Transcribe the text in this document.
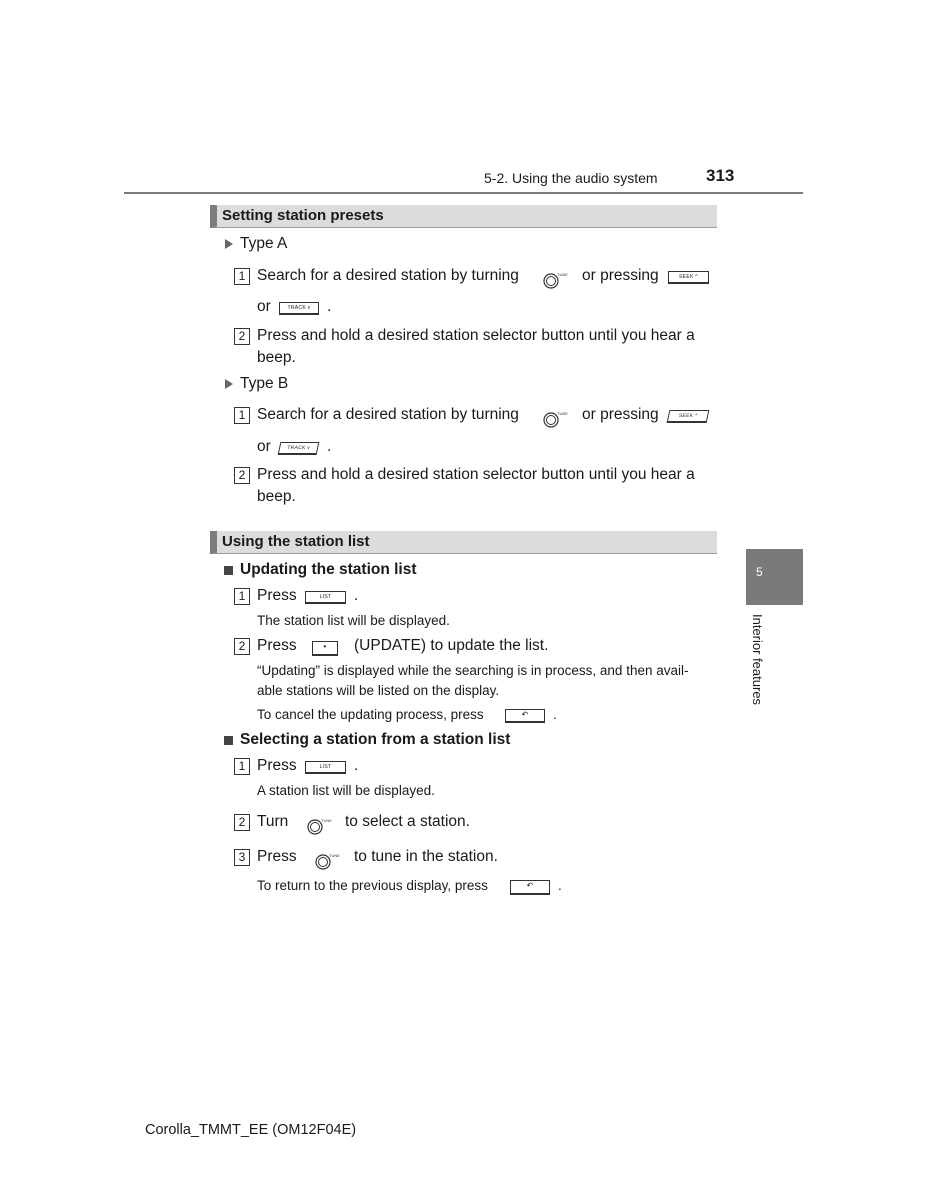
5-2. Using the audio system	313
Setting station presets
Type A
1 Search for a desired station by turning	TUNE or pressing	SEEK ^
or	TRACK v	.
2 Press and hold a desired station selector button until you hear a
beep.
Type B
1 Search for a desired station by turning	TUNE or pressing	SEEK ^
or	TRACK v	.
2 Press and hold a desired station selector button until you hear a
beep.
Using the station list
Updating the station list
1 Press	LIST	.
The station list will be displayed.
2 Press	•	(UPDATE) to update the list.
“Updating” is displayed while the searching is in process, and then avail-
able stations will be listed on the display.
To cancel the updating process, press	↶	.
Selecting a station from a station list
1 Press	LIST	.
A station list will be displayed.
2 Turn	TUNE to select a station.
3 Press	TUNE to tune in the station.
To return to the previous display, press	↶	.
5
Interior features
Corolla_TMMT_EE (OM12F04E)
